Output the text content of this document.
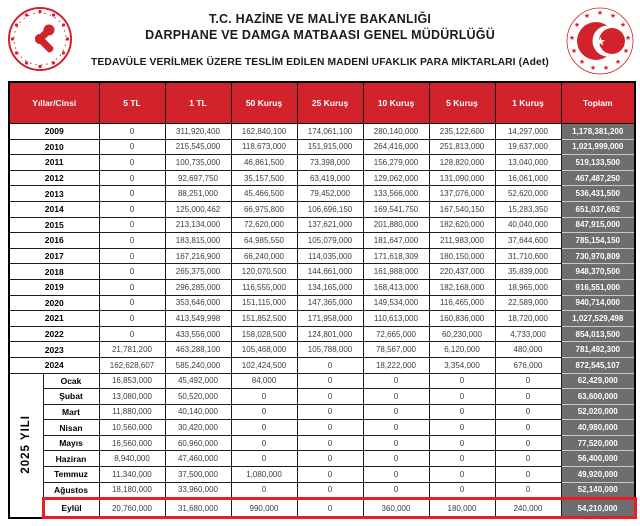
T.C. HAZİNE VE MALİYE BAKANLIĞI
DARPHANE VE DAMGA MATBAASI GENEL MÜDÜRLÜĞÜ
TEDAVÜLE VERİLMEK ÜZERE TESLİM EDİLEN MADENİ UFAKLIK PARA MİKTARLARI (Adet)
★ ★
★
★
★
★
★
★
★
★
★
★
★
★
Yıllar/Cinsi		5 TL	1 TL	50 Kuruş	25 Kuruş	10 Kuruş	5 Kuruş	1 Kuruş	Toplam
2009		0	311,920,400	162,840,100	174,061,100	280,140,000	235,122,600	14,297,000	1,178,381,200
2010		0	215,545,000	118,673,000	151,915,000	264,416,000	251,813,000	19,637,000	1,021,999,000
2011		0	100,735,000	46,861,500	73,398,000	156,279,000	128,820,000	13,040,000	519,133,500
2012		0	92,697,750	35,157,500	63,419,000	129,062,000	131,090,000	16,061,000	467,487,250
2013		0	88,251,000	45,466,500	79,452,000	133,566,000	137,076,000	52,620,000	536,431,500
2014		0	125,000,462	66,975,800	106,696,150	169,541,750	167,540,150	15,283,350	651,037,662
2015		0	213,134,000	72,620,000	137,621,000	201,880,000	182,620,000	40,040,000	847,915,000
2016		0	183,815,000	64,985,550	105,079,000	181,647,000	211,983,000	37,644,600	785,154,150
2017		0	167,216,900	66,240,000	114,035,000	171,618,309	180,150,000	31,710,600	730,970,809
2018		0	265,375,000	120,070,500	144,661,000	161,988,000	220,437,000	35,839,000	948,370,500
2019		0	296,285,000	116,555,000	134,165,000	168,413,000	182,168,000	18,965,000	916,551,000
2020		0	353,646,000	151,115,000	147,365,000	149,534,000	116,465,000	22,589,000	940,714,000
2021		0	413,549,998	151,852,500	171,958,000	110,613,000	160,836,000	18,720,000	1,027,529,498
2022		0	433,556,000	158,028,500	124,801,000	72,665,000	60,230,000	4,733,000	854,013,500
2023		21,781,200	463,288,100	105,468,000	105,788,000	78,567,000	6,120,000	480,000	781,492,300
2024		162,628,607	585,240,000	102,424,500	0	18,222,000	3,354,000	676,000	872,545,107
2025 YILI	Ocak	16,853,000	45,492,000	84,000	0	0	0	0	62,429,000
	Şubat	13,080,000	50,520,000	0	0	0	0	0	63,600,000
	Mart	11,880,000	40,140,000	0	0	0	0	0	52,020,000
	Nisan	10,560,000	30,420,000	0	0	0	0	0	40,980,000
	Mayıs	16,560,000	60,960,000	0	0	0	0	0	77,520,000
	Haziran	8,940,000	47,460,000	0	0	0	0	0	56,400,000
	Temmuz	11,340,000	37,500,000	1,080,000	0	0	0	0	49,920,000
	Ağustos	18,180,000	33,960,000	0	0	0	0	0	52,140,000
	Eylül	20,760,000	31,680,000	990,000	0	360,000	180,000	240,000	54,210,000
